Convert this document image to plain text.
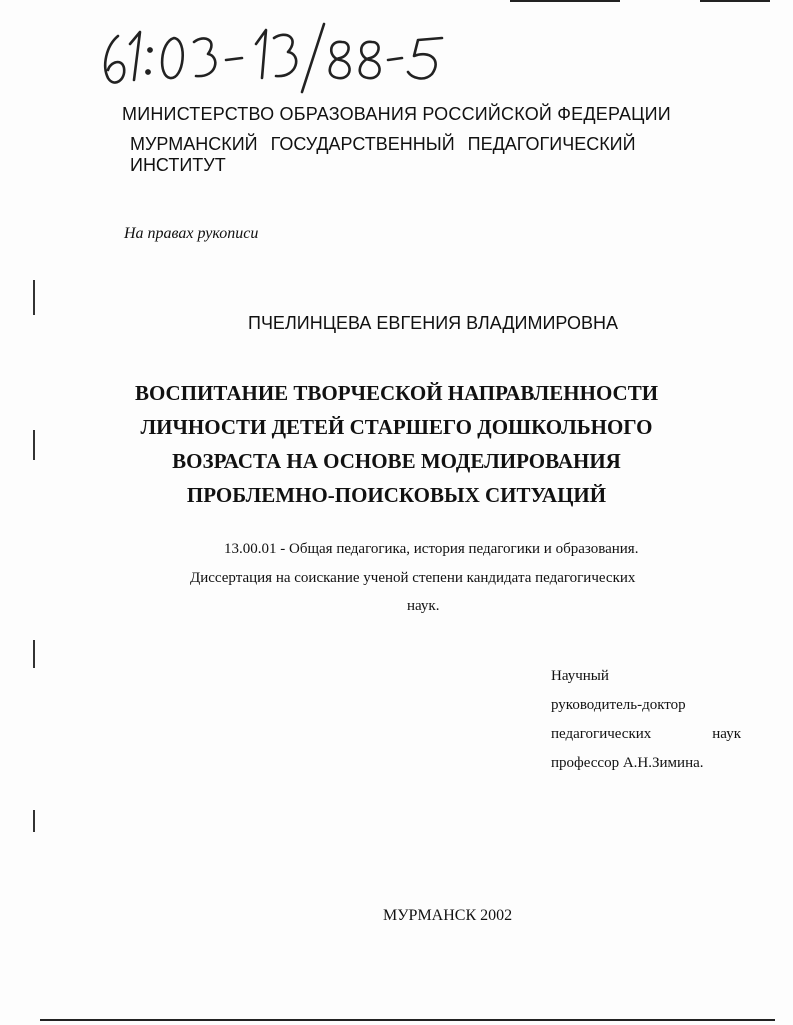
МИНИСТЕРСТВО ОБРАЗОВАНИЯ РОССИЙСКОЙ ФЕДЕРАЦИИ
МУРМАНСКИЙ ГОСУДАРСТВЕННЫЙ ПЕДАГОГИЧЕСКИЙ ИНСТИТУТ
На правах рукописи
ПЧЕЛИНЦЕВА ЕВГЕНИЯ ВЛАДИМИРОВНА
ВОСПИТАНИЕ ТВОРЧЕСКОЙ НАПРАВЛЕННОСТИ
ЛИЧНОСТИ ДЕТЕЙ СТАРШЕГО ДОШКОЛЬНОГО
ВОЗРАСТА НА ОСНОВЕ МОДЕЛИРОВАНИЯ
ПРОБЛЕМНО-ПОИСКОВЫХ СИТУАЦИЙ
13.00.01 - Общая педагогика, история педагогики и образования.
Диссертация на соискание ученой степени кандидата педагогических
наук.
Научный
руководитель-доктор
педагогических	наук
профессор А.Н.Зимина.
МУРМАНСК 2002
